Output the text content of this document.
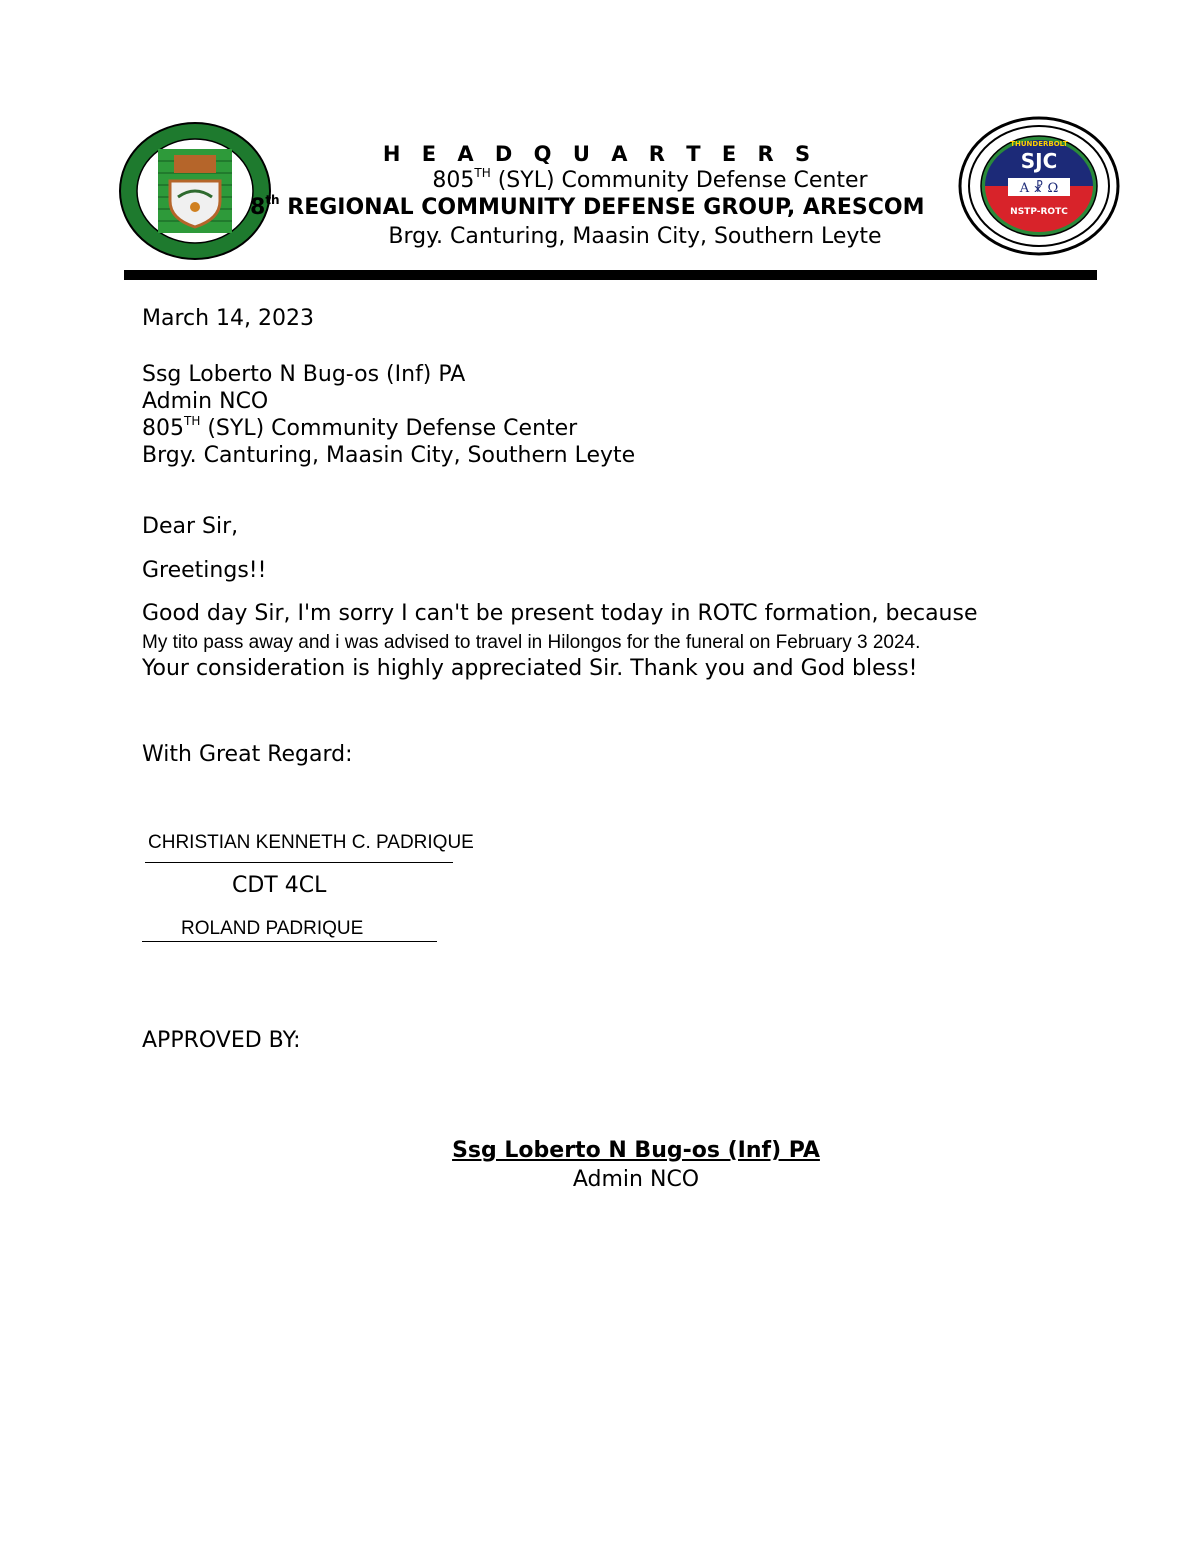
SJC
A ☧ Ω
NSTP-ROTC
THUNDERBOLT
H E A D Q U A R T E R S
805TH (SYL) Community Defense Center
8th REGIONAL COMMUNITY DEFENSE GROUP, ARESCOM
Brgy. Canturing, Maasin City, Southern Leyte
March 14, 2023
Ssg Loberto N Bug-os (Inf) PA
Admin NCO
805TH (SYL) Community Defense Center
Brgy. Canturing, Maasin City, Southern Leyte
Dear Sir,
Greetings!!
Good day Sir, I'm sorry I can't be present today in ROTC formation, because
My tito pass away and i was advised to travel in Hilongos for the funeral on February 3 2024.
Your consideration is highly appreciated Sir. Thank you and God bless!
With Great Regard:
CHRISTIAN KENNETH C. PADRIQUE
CDT 4CL
ROLAND PADRIQUE
APPROVED BY:
Ssg Loberto N Bug-os (Inf) PA
Admin NCO
